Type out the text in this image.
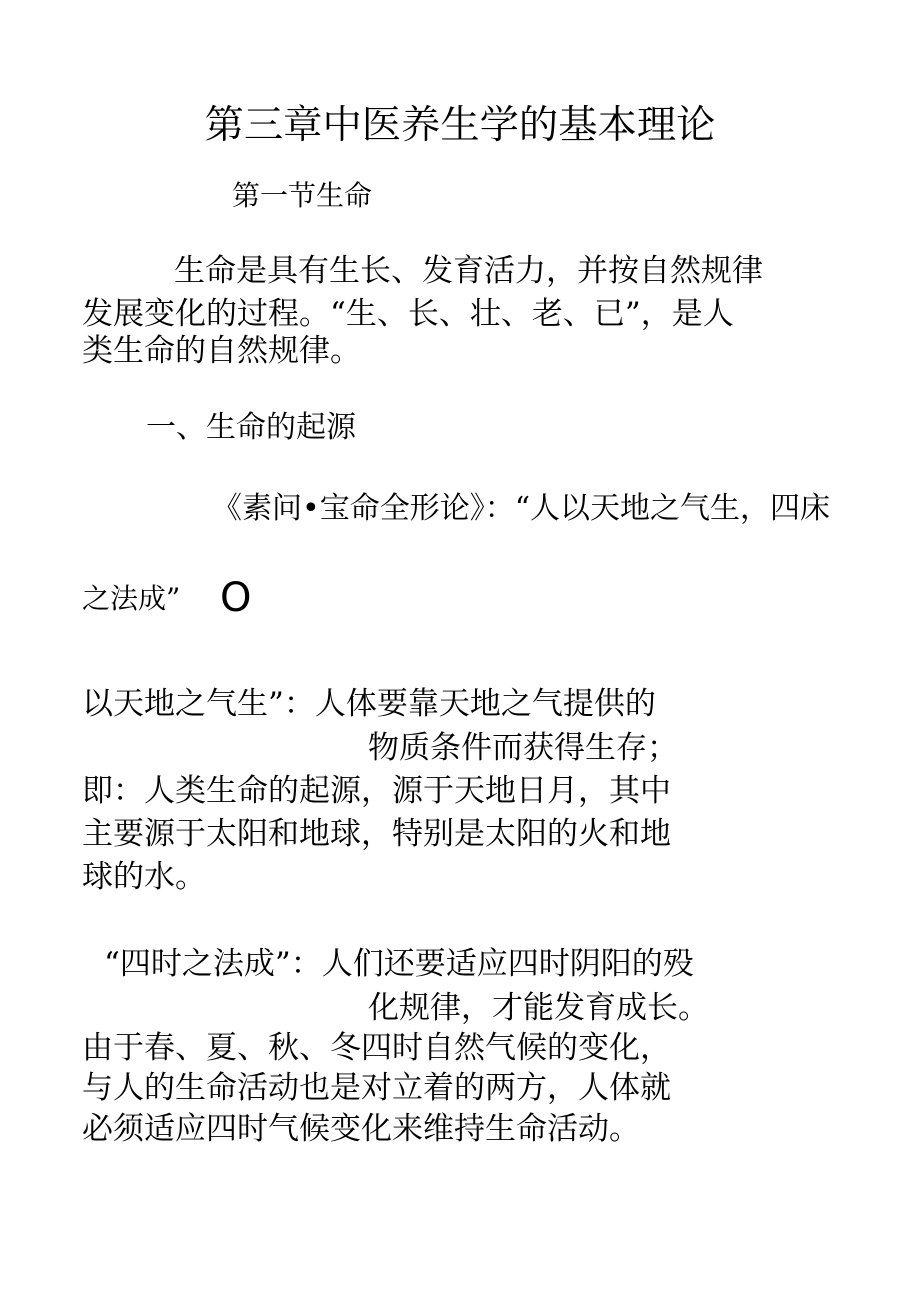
第三章中医养生学的基本理论
第一节生命
生命是具有生长、发育活力，并按自然规律
发展变化的过程。“生、长、壮、老、已”，是人
类生命的自然规律。
一、生命的起源
《素问•宝命全形论》：“人以天地之气生，四床
之法成” O
以天地之气生”：人体要靠天地之气提供的
物质条件而获得生存；
即：人类生命的起源，源于天地日月，其中
主要源于太阳和地球，特别是太阳的火和地
球的水。
“四时之法成”：人们还要适应四时阴阳的殁
化规律，才能发育成长。
由于春、夏、秋、冬四时自然气候的变化，
与人的生命活动也是对立着的两方，人体就
必须适应四时气候变化来维持生命活动。
